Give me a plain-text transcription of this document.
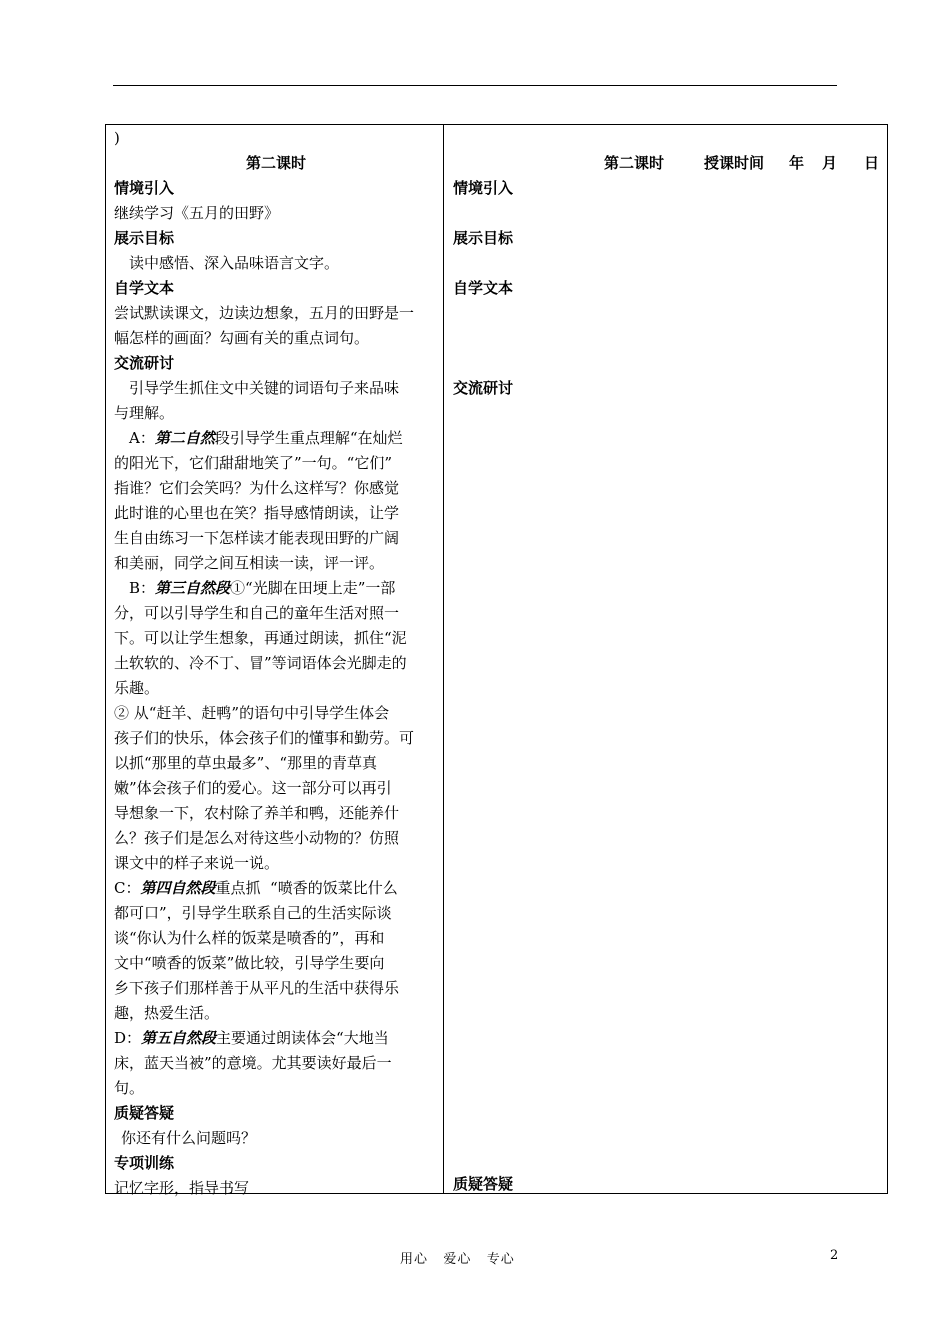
)
第二课时
情境引入
继续学习《五月的田野》
展示目标
读中感悟、深入品味语言文字。
自学文本
尝试默读课文，边读边想象，五月的田野是一
幅怎样的画面？勾画有关的重点词句。
交流研讨
引导学生抓住文中关键的词语句子来品味
与理解。
A：第二自然段引导学生重点理解“在灿烂
的阳光下，它们甜甜地笑了”一句。“它们”
指谁？它们会笑吗？为什么这样写？你感觉
此时谁的心里也在笑？指导感情朗读，让学
生自由练习一下怎样读才能表现田野的广阔
和美丽，同学之间互相读一读，评一评。
B：第三自然段①“光脚在田埂上走”一部
分，可以引导学生和自己的童年生活对照一
下。可以让学生想象，再通过朗读，抓住“泥
土软软的、冷不丁、冒”等词语体会光脚走的
乐趣。
② 从“赶羊、赶鸭”的语句中引导学生体会
孩子们的快乐，体会孩子们的懂事和勤劳。可
以抓“那里的草虫最多”、“那里的青草真
嫩”体会孩子们的爱心。这一部分可以再引
导想象一下，农村除了养羊和鸭，还能养什
么？孩子们是怎么对待这些小动物的？仿照
课文中的样子来说一说。
C：第四自然段重点抓  “喷香的饭菜比什么
都可口”，引导学生联系自己的生活实际谈
谈“你认为什么样的饭菜是喷香的”，再和
文中“喷香的饭菜”做比较，引导学生要向
乡下孩子们那样善于从平凡的生活中获得乐
趣，热爱生活。
D：第五自然段主要通过朗读体会“大地当
床，蓝天当被”的意境。尤其要读好最后一
句。
质疑答疑
你还有什么问题吗？
专项训练
记忆字形，指导书写
第二课时	授课时间 年 月 日
情境引入
展示目标
自学文本
交流研讨
质疑答疑
用心   爱心   专心	2
